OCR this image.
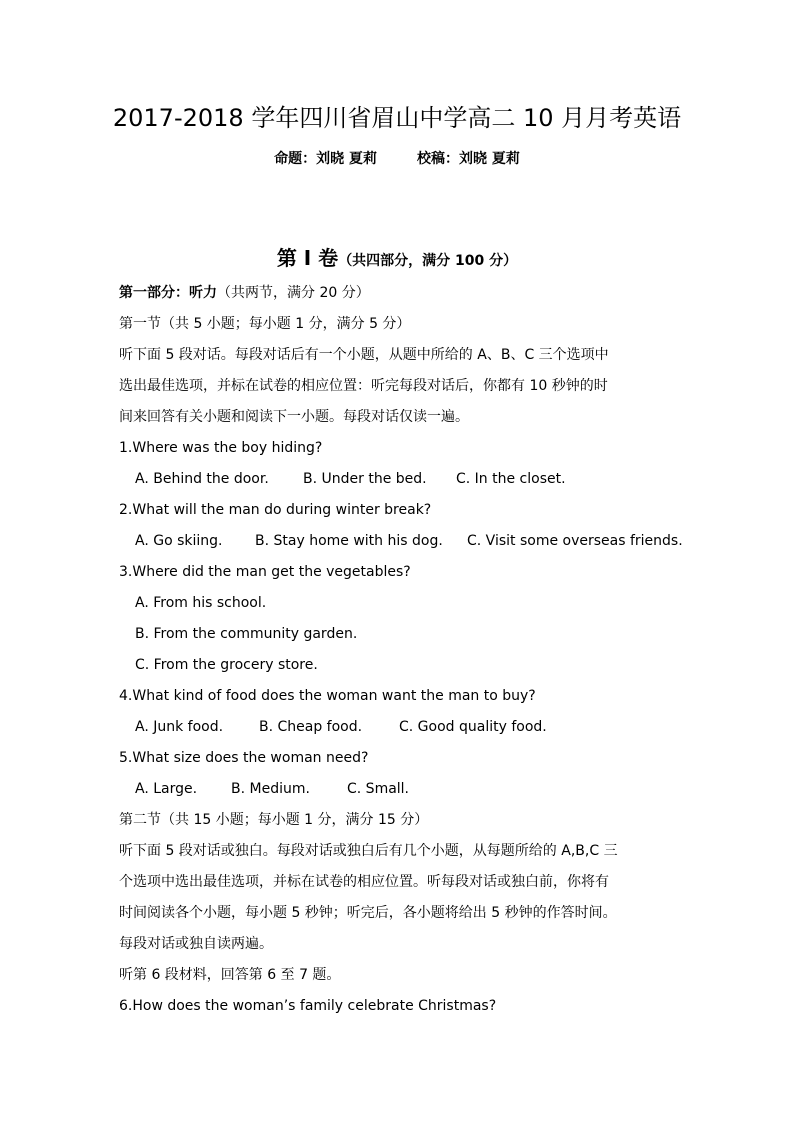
2017-2018 学年四川省眉山中学高二 10 月月考英语
命题：刘晓 夏莉	校稿：刘晓 夏莉
第 I 卷（共四部分，满分 100 分）
第一部分：听力（共两节，满分 20 分）
第一节（共 5 小题；每小题 1 分，满分 5 分）
听下面 5 段对话。每段对话后有一个小题，从题中所给的 A、B、C 三个选项中
选出最佳选项，并标在试卷的相应位置：听完每段对话后，你都有 10 秒钟的时
间来回答有关小题和阅读下一小题。每段对话仅读一遍。
1.Where was the boy hiding?
A. Behind the door. B. Under the bed. C. In the closet.
2.What will the man do during winter break?
A. Go skiing. B. Stay home with his dog. C. Visit some overseas friends.
3.Where did the man get the vegetables?
A. From his school.
B. From the community garden.
C. From the grocery store.
4.What kind of food does the woman want the man to buy?
A. Junk food.	B. Cheap food.	C. Good quality food.
5.What size does the woman need?
A. Large. B. Medium.	C. Small.
第二节（共 15 小题；每小题 1 分，满分 15 分）
听下面 5 段对话或独白。每段对话或独白后有几个小题，从每题所给的 A,B,C 三
个选项中选出最佳选项，并标在试卷的相应位置。听每段对话或独白前，你将有
时间阅读各个小题，每小题 5 秒钟；听完后，各小题将给出 5 秒钟的作答时间。
每段对话或独自读两遍。
听第 6 段材料，回答第 6 至 7 题。
6.How does the woman’s family celebrate Christmas?
